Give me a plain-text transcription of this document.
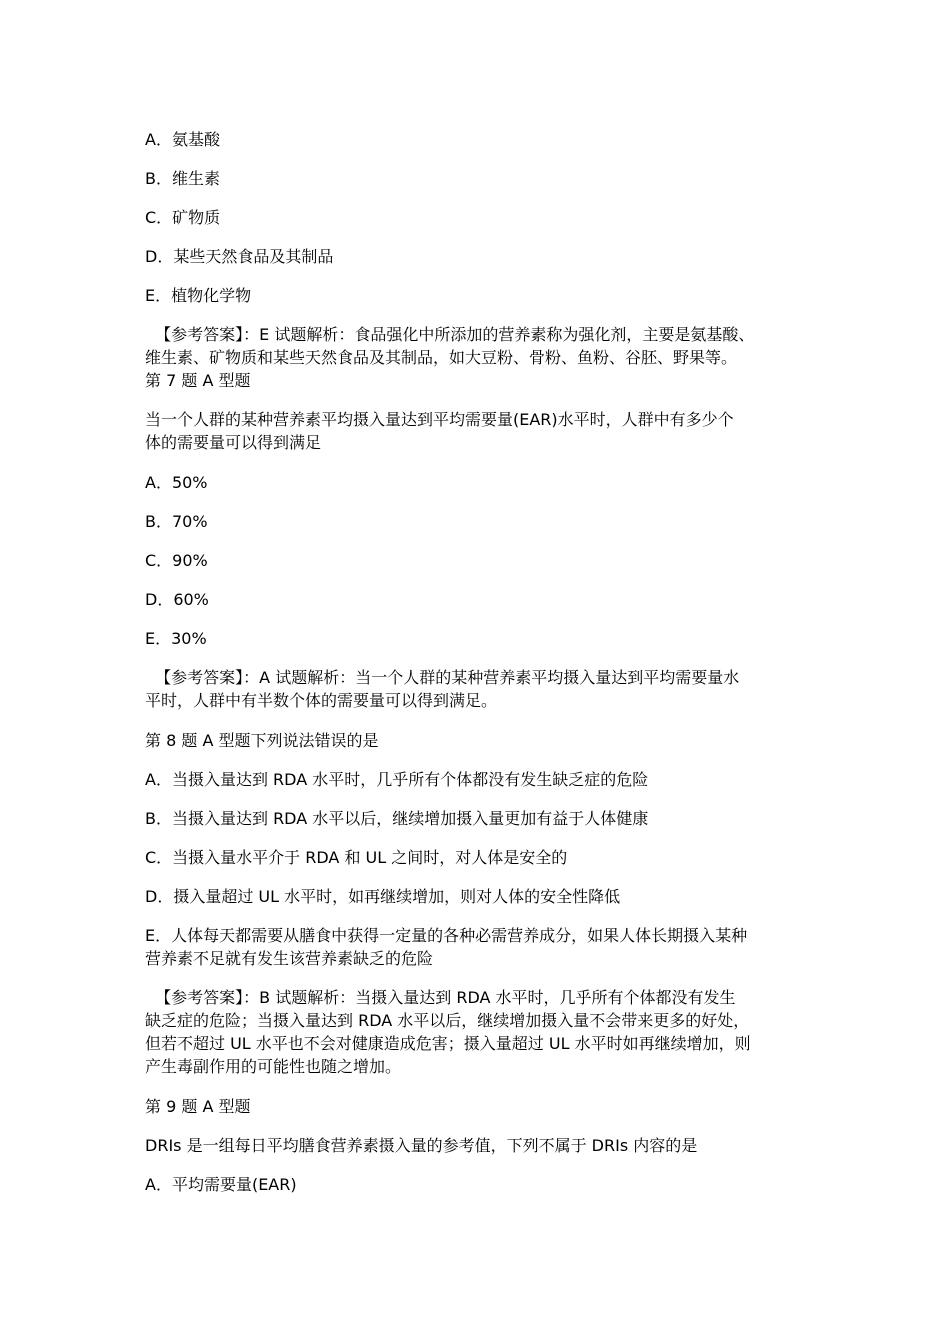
A．氨基酸
B．维生素
C．矿物质
D．某些天然食品及其制品
E．植物化学物
【参考答案】：E 试题解析：食品强化中所添加的营养素称为强化剂，主要是氨基酸、
维生素、矿物质和某些天然食品及其制品，如大豆粉、骨粉、鱼粉、谷胚、野果等。
第 7 题 A 型题
当一个人群的某种营养素平均摄入量达到平均需要量(EAR)水平时，人群中有多少个
体的需要量可以得到满足
A．50%
B．70%
C．90%
D．60%
E．30%
【参考答案】：A 试题解析：当一个人群的某种营养素平均摄入量达到平均需要量水
平时，人群中有半数个体的需要量可以得到满足。
第 8 题 A 型题下列说法错误的是
A．当摄入量达到 RDA 水平时，几乎所有个体都没有发生缺乏症的危险
B．当摄入量达到 RDA 水平以后，继续增加摄入量更加有益于人体健康
C．当摄入量水平介于 RDA 和 UL 之间时，对人体是安全的
D．摄入量超过 UL 水平时，如再继续增加，则对人体的安全性降低
E．人体每天都需要从膳食中获得一定量的各种必需营养成分，如果人体长期摄入某种
营养素不足就有发生该营养素缺乏的危险
【参考答案】：B 试题解析：当摄入量达到 RDA 水平时，几乎所有个体都没有发生
缺乏症的危险；当摄入量达到 RDA 水平以后，继续增加摄入量不会带来更多的好处，
但若不超过 UL 水平也不会对健康造成危害；摄入量超过 UL 水平时如再继续增加，则
产生毒副作用的可能性也随之增加。
第 9 题 A 型题
DRIs 是一组每日平均膳食营养素摄入量的参考值，下列不属于 DRIs 内容的是
A．平均需要量(EAR)
